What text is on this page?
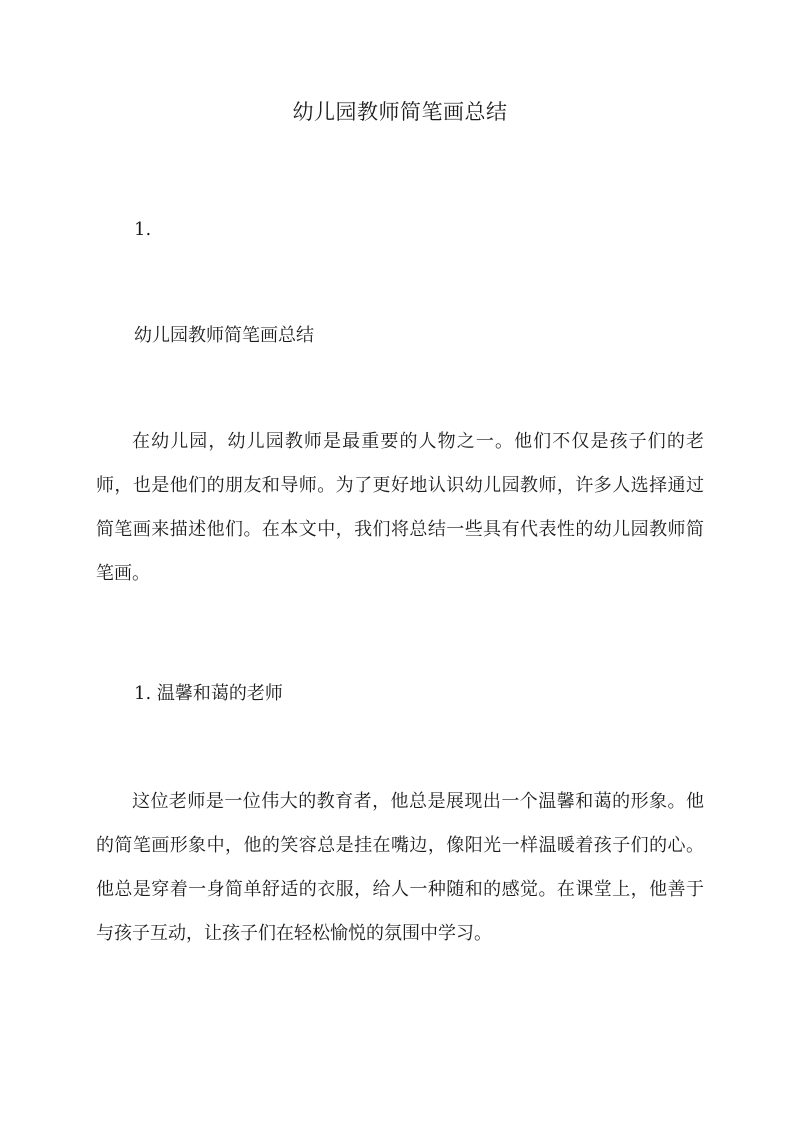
幼儿园教师简笔画总结
1.
幼儿园教师简笔画总结

在幼儿园，幼儿园教师是最重要的人物之一。他们不仅是孩子们的老师，也是他们的朋友和导师。为了更好地认识幼儿园教师，许多人选择通过简笔画来描述他们。在本文中，我们将总结一些具有代表性的幼儿园教师简笔画。

1. 温馨和蔼的老师

这位老师是一位伟大的教育者，他总是展现出一个温馨和蔼的形象。他的简笔画形象中，他的笑容总是挂在嘴边，像阳光一样温暖着孩子们的心。他总是穿着一身简单舒适的衣服，给人一种随和的感觉。在课堂上，他善于与孩子互动，让孩子们在轻松愉悦的氛围中学习。
